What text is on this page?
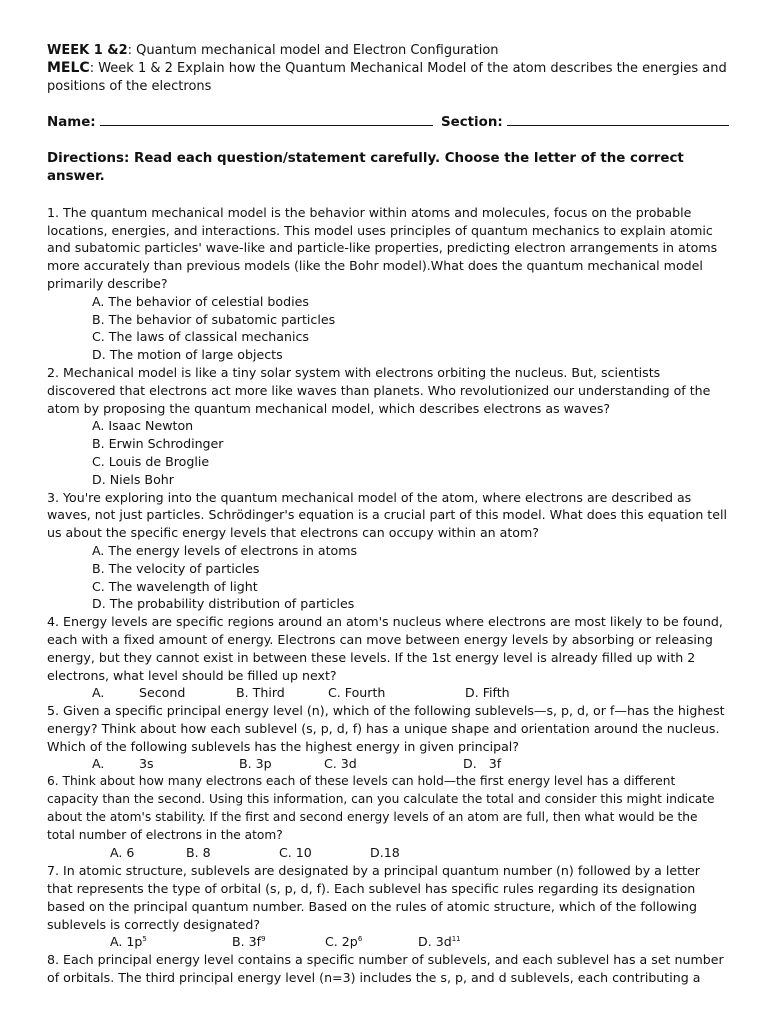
WEEK 1 &2: Quantum mechanical model and Electron Configuration

MELC: Week 1 & 2 Explain how the Quantum Mechanical Model of the atom describes the energies and positions of the electrons

Name:	Section:

Directions: Read each question/statement carefully. Choose the letter of the correct answer.

1. The quantum mechanical model is the behavior within atoms and molecules, focus on the probable locations, energies, and interactions. This model uses principles of quantum mechanics to explain atomic and subatomic particles' wave-like and particle-like properties, predicting electron arrangements in atoms more accurately than previous models (like the Bohr model).What does the quantum mechanical model primarily describe?

A. The behavior of celestial bodies
B. The behavior of subatomic particles
C. The laws of classical mechanics
D. The motion of large objects

2. Mechanical model is like a tiny solar system with electrons orbiting the nucleus. But, scientists discovered that electrons act more like waves than planets. Who revolutionized our understanding of the atom by proposing the quantum mechanical model, which describes electrons as waves?

A. Isaac Newton
B. Erwin Schrodinger
C. Louis de Broglie
D. Niels Bohr

3. You're exploring into the quantum mechanical model of the atom, where electrons are described as waves, not just particles. Schrödinger's equation is a crucial part of this model. What does this equation tell us about the specific energy levels that electrons can occupy within an atom?

A. The energy levels of electrons in atoms
B. The velocity of particles
C. The wavelength of light
D. The probability distribution of particles

4. Energy levels are specific regions around an atom's nucleus where electrons are most likely to be found, each with a fixed amount of energy. Electrons can move between energy levels by absorbing or releasing energy, but they cannot exist in between these levels. If the 1st energy level is already filled up with 2 electrons, what level should be filled up next?

A.	Second	B. Third	C. Fourth	D. Fifth

5. Given a specific principal energy level (n), which of the following sublevels—s, p, d, or f—has the highest energy? Think about how each sublevel (s, p, d, f) has a unique shape and orientation around the nucleus. Which of the following sublevels has the highest energy in given principal?

A.	3s	B. 3p	C. 3d	D.   3f

6. Think about how many electrons each of these levels can hold—the first energy level has a different capacity than the second. Using this information, can you calculate the total and consider this might indicate about the atom's stability. If the first and second energy levels of an atom are full, then what would be the total number of electrons in the atom?

A. 6	B. 8	C. 10	D.18

7. In atomic structure, sublevels are designated by a principal quantum number (n) followed by a letter that represents the type of orbital (s, p, d, f). Each sublevel has specific rules regarding its designation based on the principal quantum number. Based on the rules of atomic structure, which of the following sublevels is correctly designated?

A. $1p^5$	B. $3f^9$	C. $2p^6$	D. $3d^{11}$

8. Each principal energy level contains a specific number of sublevels, and each sublevel has a set number of orbitals. The third principal energy level (n=3) includes the s, p, and d sublevels, each contributing a
